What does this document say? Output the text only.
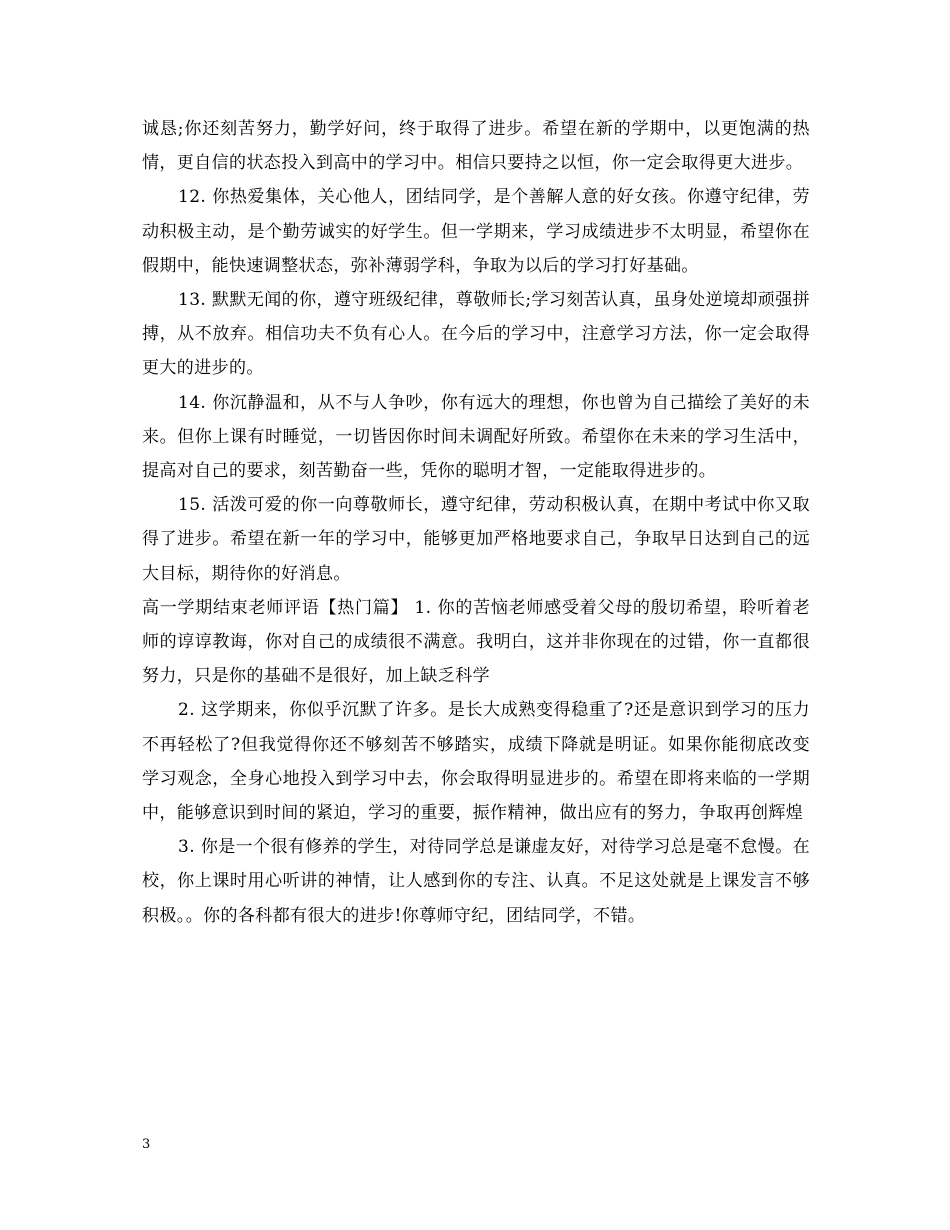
诚恳;你还刻苦努力，勤学好问，终于取得了进步。希望在新的学期中，以更饱满的热情，更自信的状态投入到高中的学习中。相信只要持之以恒，你一定会取得更大进步。

12. 你热爱集体，关心他人，团结同学，是个善解人意的好女孩。你遵守纪律，劳动积极主动，是个勤劳诚实的好学生。但一学期来，学习成绩进步不太明显，希望你在假期中，能快速调整状态，弥补薄弱学科，争取为以后的学习打好基础。

13. 默默无闻的你，遵守班级纪律，尊敬师长;学习刻苦认真，虽身处逆境却顽强拼搏，从不放弃。相信功夫不负有心人。在今后的学习中，注意学习方法，你一定会取得更大的进步的。

14. 你沉静温和，从不与人争吵，你有远大的理想，你也曾为自己描绘了美好的未来。但你上课有时睡觉，一切皆因你时间未调配好所致。希望你在未来的学习生活中，提高对自己的要求，刻苦勤奋一些，凭你的聪明才智，一定能取得进步的。

15. 活泼可爱的你一向尊敬师长，遵守纪律，劳动积极认真，在期中考试中你又取得了进步。希望在新一年的学习中，能够更加严格地要求自己，争取早日达到自己的远大目标，期待你的好消息。

高一学期结束老师评语【热门篇】 1. 你的苦恼老师感受着父母的殷切希望，聆听着老师的谆谆教诲，你对自己的成绩很不满意。我明白，这并非你现在的过错，你一直都很努力，只是你的基础不是很好，加上缺乏科学

2. 这学期来，你似乎沉默了许多。是长大成熟变得稳重了?还是意识到学习的压力不再轻松了?但我觉得你还不够刻苦不够踏实，成绩下降就是明证。如果你能彻底改变学习观念，全身心地投入到学习中去，你会取得明显进步的。希望在即将来临的一学期中，能够意识到时间的紧迫，学习的重要，振作精神，做出应有的努力，争取再创辉煌

3. 你是一个很有修养的学生，对待同学总是谦虚友好，对待学习总是毫不怠慢。在校，你上课时用心听讲的神情，让人感到你的专注、认真。不足这处就是上课发言不够积极。。你的各科都有很大的进步!你尊师守纪，团结同学，不错。

3
